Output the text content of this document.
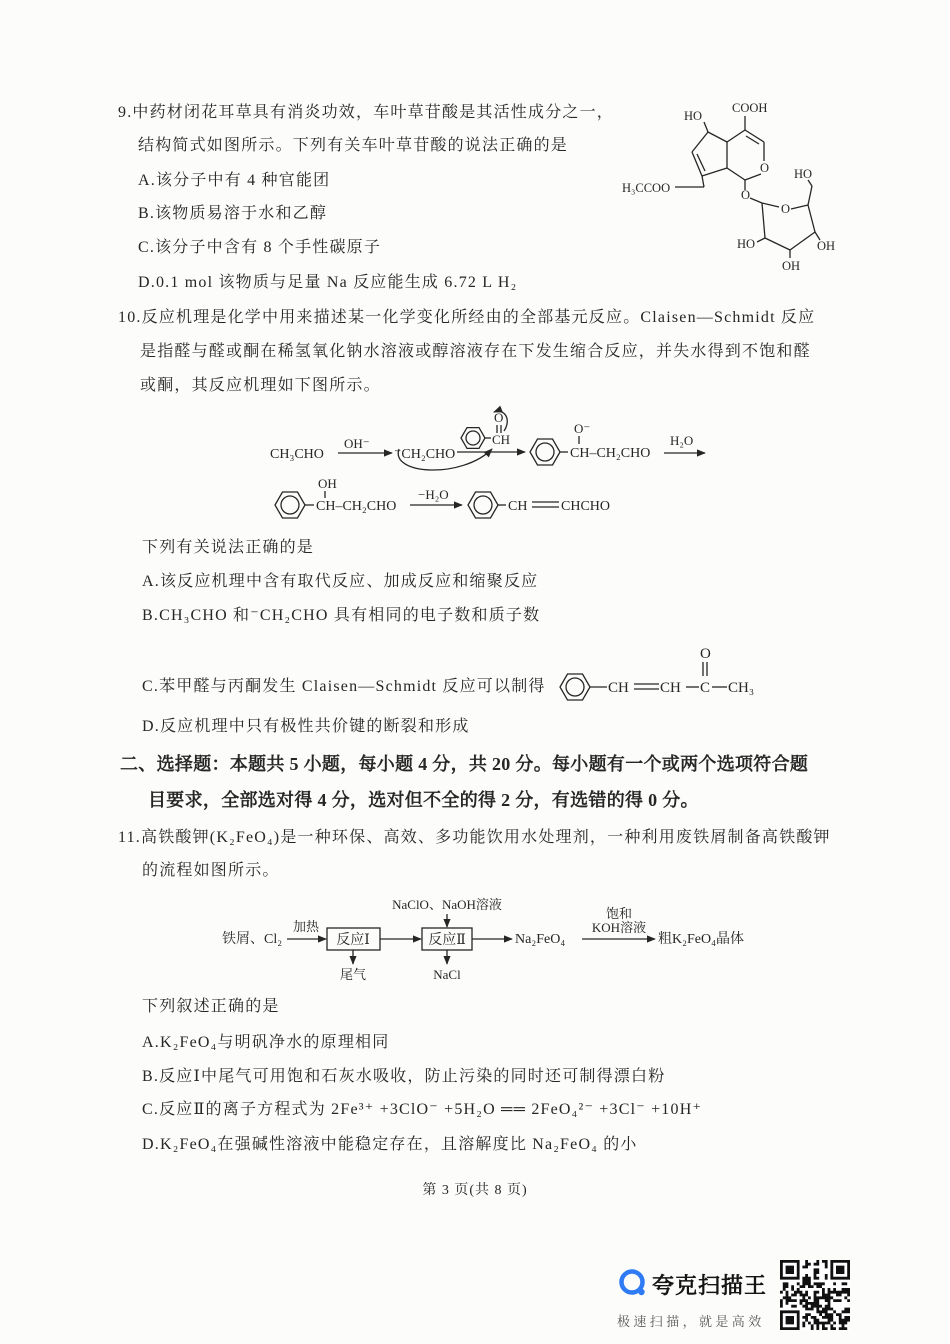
9.中药材闭花耳草具有消炎功效，车叶草苷酸是其活性成分之一，
结构简式如图所示。下列有关车叶草苷酸的说法正确的是
A.该分子中有 4 种官能团
B.该物质易溶于水和乙醇
C.该分子中含有 8 个手性碳原子
D.0.1 mol 该物质与足量 Na 反应能生成 6.72 L H₂
HO
COOH
O
H₃CCOO	O
O
HO
HO	OH
OH
10.反应机理是化学中用来描述某一化学变化所经由的全部基元反应。Claisen—Schmidt 反应
是指醛与醛或酮在稀氢氧化钠水溶液或醇溶液存在下发生缩合反应，并失水得到不饱和醛
或酮，其反应机理如下图所示。
CH₃CHO
OH⁻
⁻CH₂CHO
CH
O
CH–CH₂CHO
O⁻
H₂O
CH–CH₂CHO
OH
−H₂O
CH CHCHO
下列有关说法正确的是
A.该反应机理中含有取代反应、加成反应和缩聚反应
B.CH₃CHO 和⁻CH₂CHO 具有相同的电子数和质子数
C.苯甲醛与丙酮发生 Claisen—Schmidt 反应可以制得	CH CH C
O
CH₃
D.反应机理中只有极性共价键的断裂和形成
二、选择题：本题共 5 小题，每小题 4 分，共 20 分。每小题有一个或两个选项符合题
目要求，全部选对得 4 分，选对但不全的得 2 分，有选错的得 0 分。
11.高铁酸钾(K₂FeO₄)是一种环保、高效、多功能饮用水处理剂，一种利用废铁屑制备高铁酸钾
的流程如图所示。
铁屑、Cl₂
加热
反应Ⅰ	反应Ⅱ
NaClO、NaOH溶液
尾气	NaCl
Na₂FeO₄
饱和
KOH溶液
粗K₂FeO₄晶体
下列叙述正确的是
A.K₂FeO₄与明矾净水的原理相同
B.反应Ⅰ中尾气可用饱和石灰水吸收，防止污染的同时还可制得漂白粉
C.反应Ⅱ的离子方程式为 2Fe³⁺ +3ClO⁻ +5H₂O ══ 2FeO₄²⁻ +3Cl⁻ +10H⁺
D.K₂FeO₄在强碱性溶液中能稳定存在，且溶解度比 Na₂FeO₄ 的小
第 3 页(共 8 页)
夸克扫描王
极速扫描，就是高效
